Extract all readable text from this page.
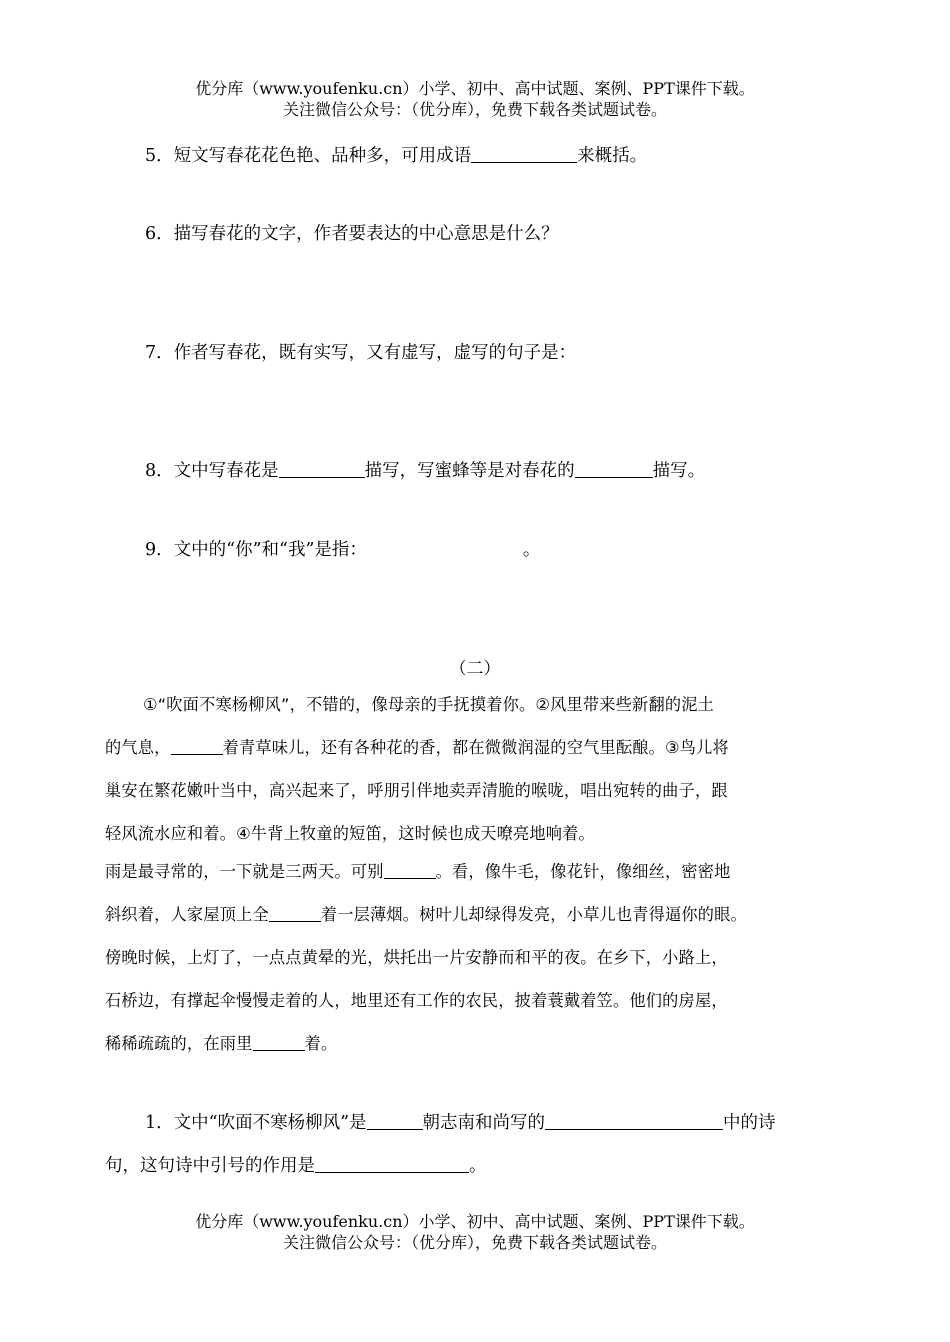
优分库（www.youfenku.cn）小学、初中、高中试题、案例、PPT课件下载。
关注微信公众号：（优分库），免费下载各类试题试卷。
5．短文写春花花色艳、品种多，可用成语	来概括。
6．描写春花的文字，作者要表达的中心意思是什么？
7．作者写春花，既有实写，又有虚写，虚写的句子是：
8．文中写春花是	描写，写蜜蜂等是对春花的	描写。
9．文中的“你”和“我”是指：	。
（二）
①“吹面不寒杨柳风”，不错的，像母亲的手抚摸着你。②风里带来些新翻的泥土
的气息，	着青草味儿，还有各种花的香，都在微微润湿的空气里酝酿。③鸟儿将
巢安在繁花嫩叶当中，高兴起来了，呼朋引伴地卖弄清脆的喉咙，唱出宛转的曲子，跟
轻风流水应和着。④牛背上牧童的短笛，这时候也成天嘹亮地响着。
雨是最寻常的，一下就是三两天。可别	。看，像牛毛，像花针，像细丝，密密地
斜织着，人家屋顶上全	着一层薄烟。树叶儿却绿得发亮，小草儿也青得逼你的眼。
傍晚时候，上灯了，一点点黄晕的光，烘托出一片安静而和平的夜。在乡下，小路上，
石桥边，有撑起伞慢慢走着的人，地里还有工作的农民，披着蓑戴着笠。他们的房屋，
稀稀疏疏的，在雨里	着。
1．文中“吹面不寒杨柳风”是	朝志南和尚写的	中的诗
句，这句诗中引号的作用是	。
优分库（www.youfenku.cn）小学、初中、高中试题、案例、PPT课件下载。
关注微信公众号：（优分库），免费下载各类试题试卷。
